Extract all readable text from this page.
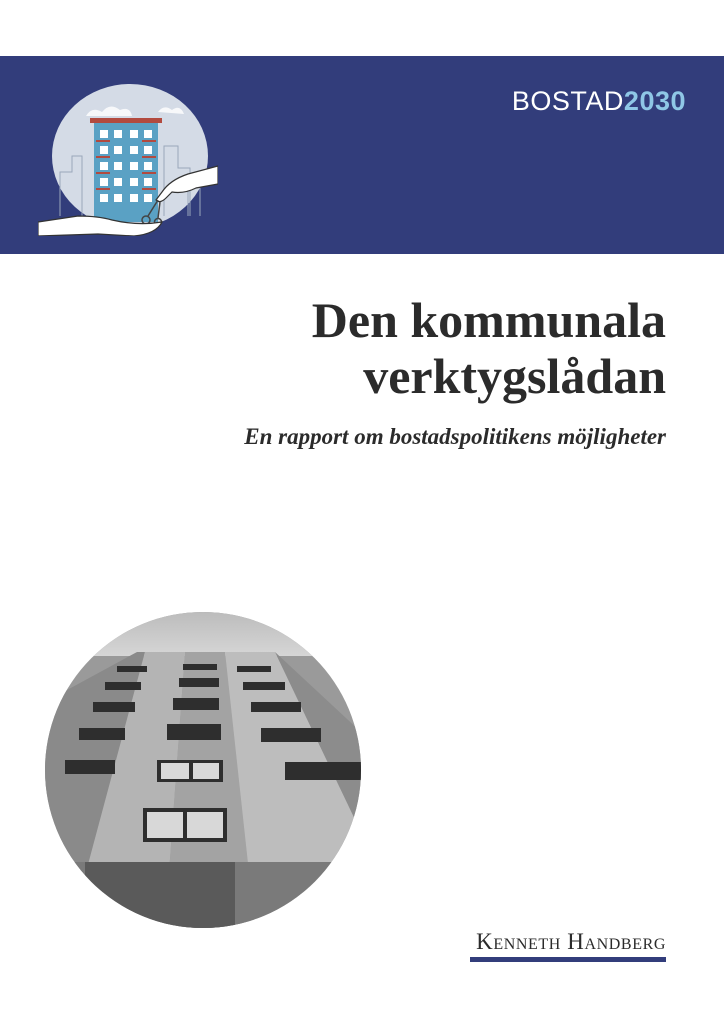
BOSTAD2030
Den kommunala
verktygslådan

En rapport om bostadspolitikens möjligheter

Kenneth Handberg
